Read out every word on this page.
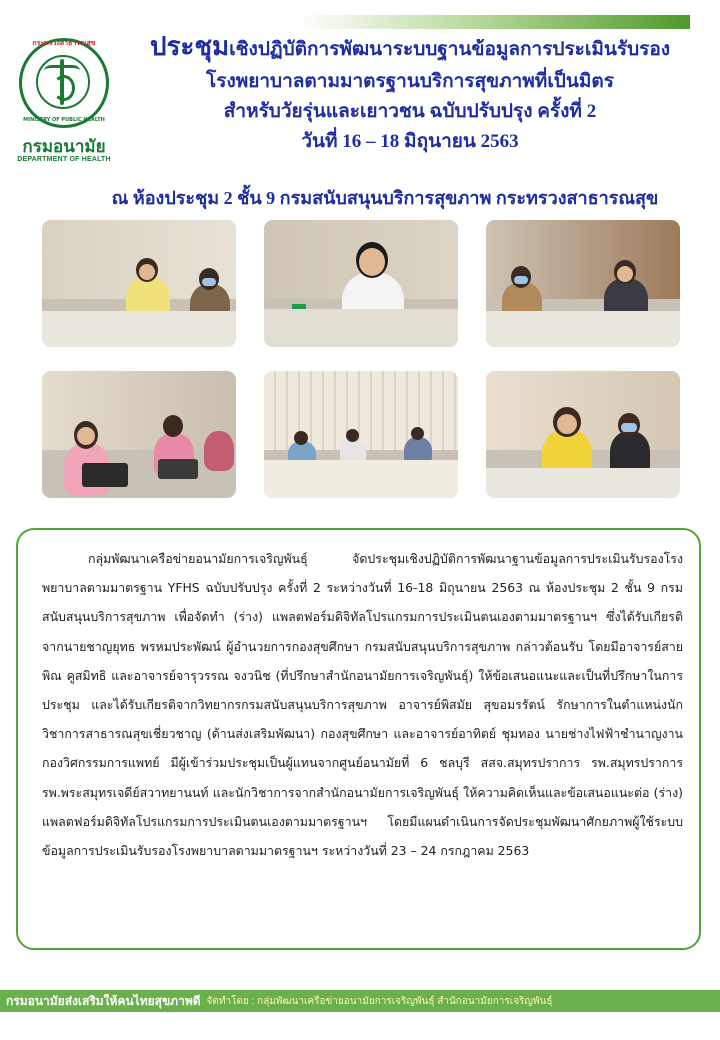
กระทรวงสาธารณสุข
MINISTRY OF PUBLIC HEALTH
กรมอนามัย
DEPARTMENT OF HEALTH
ประชุมเชิงปฏิบัติการพัฒนาระบบฐานข้อมูลการประเมินรับรอง
โรงพยาบาลตามมาตรฐานบริการสุขภาพที่เป็นมิตร
สำหรับวัยรุ่นและเยาวชน ฉบับปรับปรุง ครั้งที่ 2
วันที่ 16 – 18 มิถุนายน 2563
ณ ห้องประชุม 2 ชั้น 9 กรมสนับสนุนบริการสุขภาพ กระทรวงสาธารณสุข

กลุ่มพัฒนาเครือข่ายอนามัยการเจริญพันธุ์ จัดประชุมเชิงปฏิบัติการพัฒนาฐานข้อมูลการประเมินรับรองโรงพยาบาลตามมาตรฐาน YFHS ฉบับปรับปรุง ครั้งที่ 2 ระหว่างวันที่ 16-18 มิถุนายน 2563 ณ ห้องประชุม 2 ชั้น 9 กรมสนับสนุนบริการสุขภาพ เพื่อจัดทำ (ร่าง) แพลตฟอร์มดิจิทัลโปรแกรมการประเมินตนเองตามมาตรฐานฯ ซึ่งได้รับเกียรติจากนายชาญยุทธ พรหมประพัฒน์ ผู้อำนวยการกองสุขศึกษา กรมสนับสนุนบริการสุขภาพ กล่าวต้อนรับ โดยมีอาจารย์สายพิณ คูสมิทธิ และอาจารย์จารุวรรณ จงวนิช (ที่ปรึกษาสำนักอนามัยการเจริญพันธุ์) ให้ข้อเสนอแนะและเป็นที่ปรึกษาในการประชุม และได้รับเกียรติจากวิทยากรกรมสนับสนุนบริการสุขภาพ อาจารย์พิสมัย สุขอมรรัตน์ รักษาการในตำแหน่งนักวิชาการสาธารณสุขเชี่ยวชาญ (ด้านส่งเสริมพัฒนา) กองสุขศึกษา และอาจารย์อาทิตย์ ชุมทอง นายช่างไฟฟ้าชำนาญงาน กองวิศกรรมการแพทย์ มีผู้เข้าร่วมประชุมเป็นผู้แทนจากศูนย์อนามัยที่ 6 ชลบุรี สสจ.สมุทรปราการ รพ.สมุทรปราการ รพ.พระสมุทรเจดีย์สวาทยานนท์ และนักวิชาการจากสำนักอนามัยการเจริญพันธุ์ ให้ความคิดเห็นและข้อเสนอแนะต่อ (ร่าง) แพลตฟอร์มดิจิทัลโปรแกรมการประเมินตนเองตามมาตรฐานฯ โดยมีแผนดำเนินการจัดประชุมพัฒนาศักยภาพผู้ใช้ระบบข้อมูลการประเมินรับรองโรงพยาบาลตามมาตรฐานฯ ระหว่างวันที่ 23 – 24 กรกฎาคม 2563

กรมอนามัยส่งเสริมให้คนไทยสุขภาพดี จัดทำโดย : กลุ่มพัฒนาเครือข่ายอนามัยการเจริญพันธุ์ สำนักอนามัยการเจริญพันธุ์
